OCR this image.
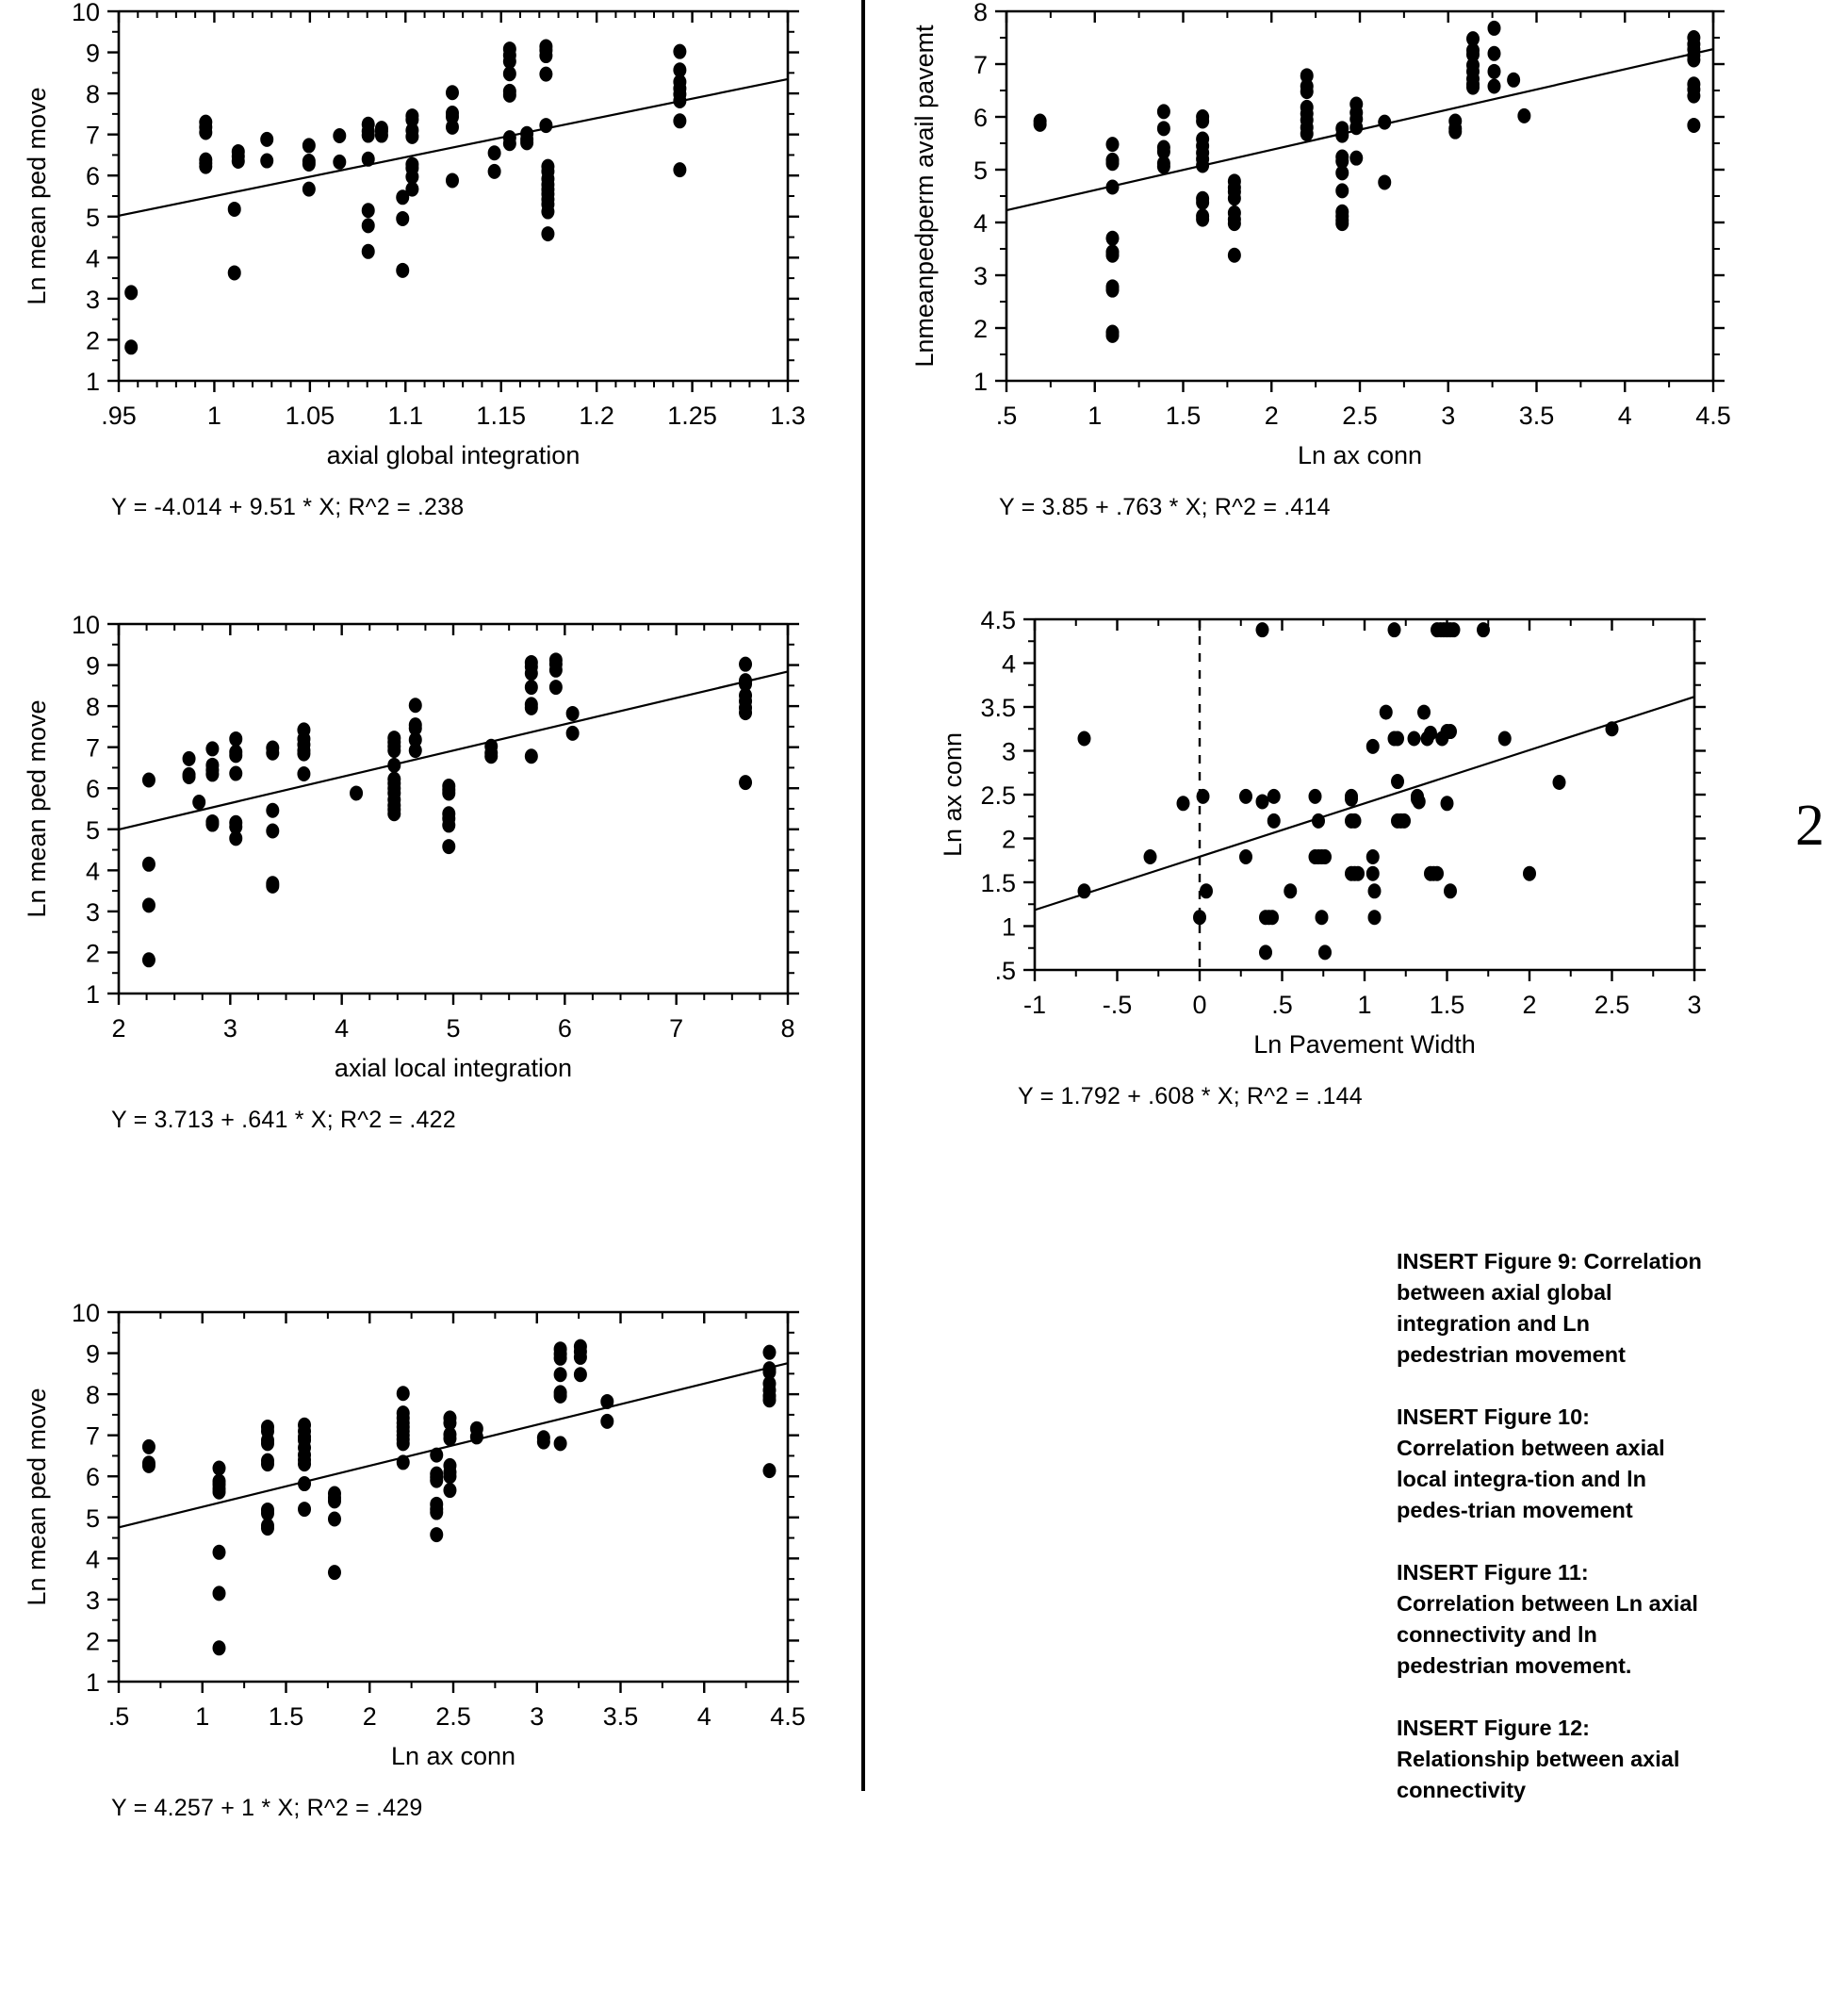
2
.95	1	1.05 1.1 1.15 1.2 1.25 1.3
1
2
3
4
5
6
7
8
9
10
axial global integration
Ln mean ped move
Y = -4.014 + 9.51 * X; R^2 = .238
.5	1 1.5 2 2.5 3 3.5 4 4.5
1
2
3
4
5
6
7
8
Ln ax conn
Lnmeanpedperm avail pavemt
Y = 3.85 + .763 * X; R^2 = .414
2	3	4	5	6	7	8
1
2
3
4
5
6
7
8
9
10
axial local integration
Ln mean ped move
Y = 3.713 + .641 * X; R^2 = .422
-1 -.5 0	.5	1 1.5 2 2.5 3
.5
1
1.5
2
2.5
3
3.5
4
4.5
Ln Pavement Width
Ln ax conn
Y = 1.792 + .608 * X; R^2 = .144
.5	1 1.5 2 2.5 3 3.5 4 4.5
1
2
3
4
5
6
7
8
9
10
Ln ax conn
Ln mean ped move
Y = 4.257 + 1 * X; R^2 = .429
INSERT Figure 9: Correlation between axial global integration and Ln pedestrian movement
INSERT Figure 10: Correlation between axial local integra-tion and ln pedes-trian movement
INSERT Figure 11: Correlation between Ln axial connectivity and ln pedestrian movement.
INSERT Figure 12: Relationship between axial connectivity
